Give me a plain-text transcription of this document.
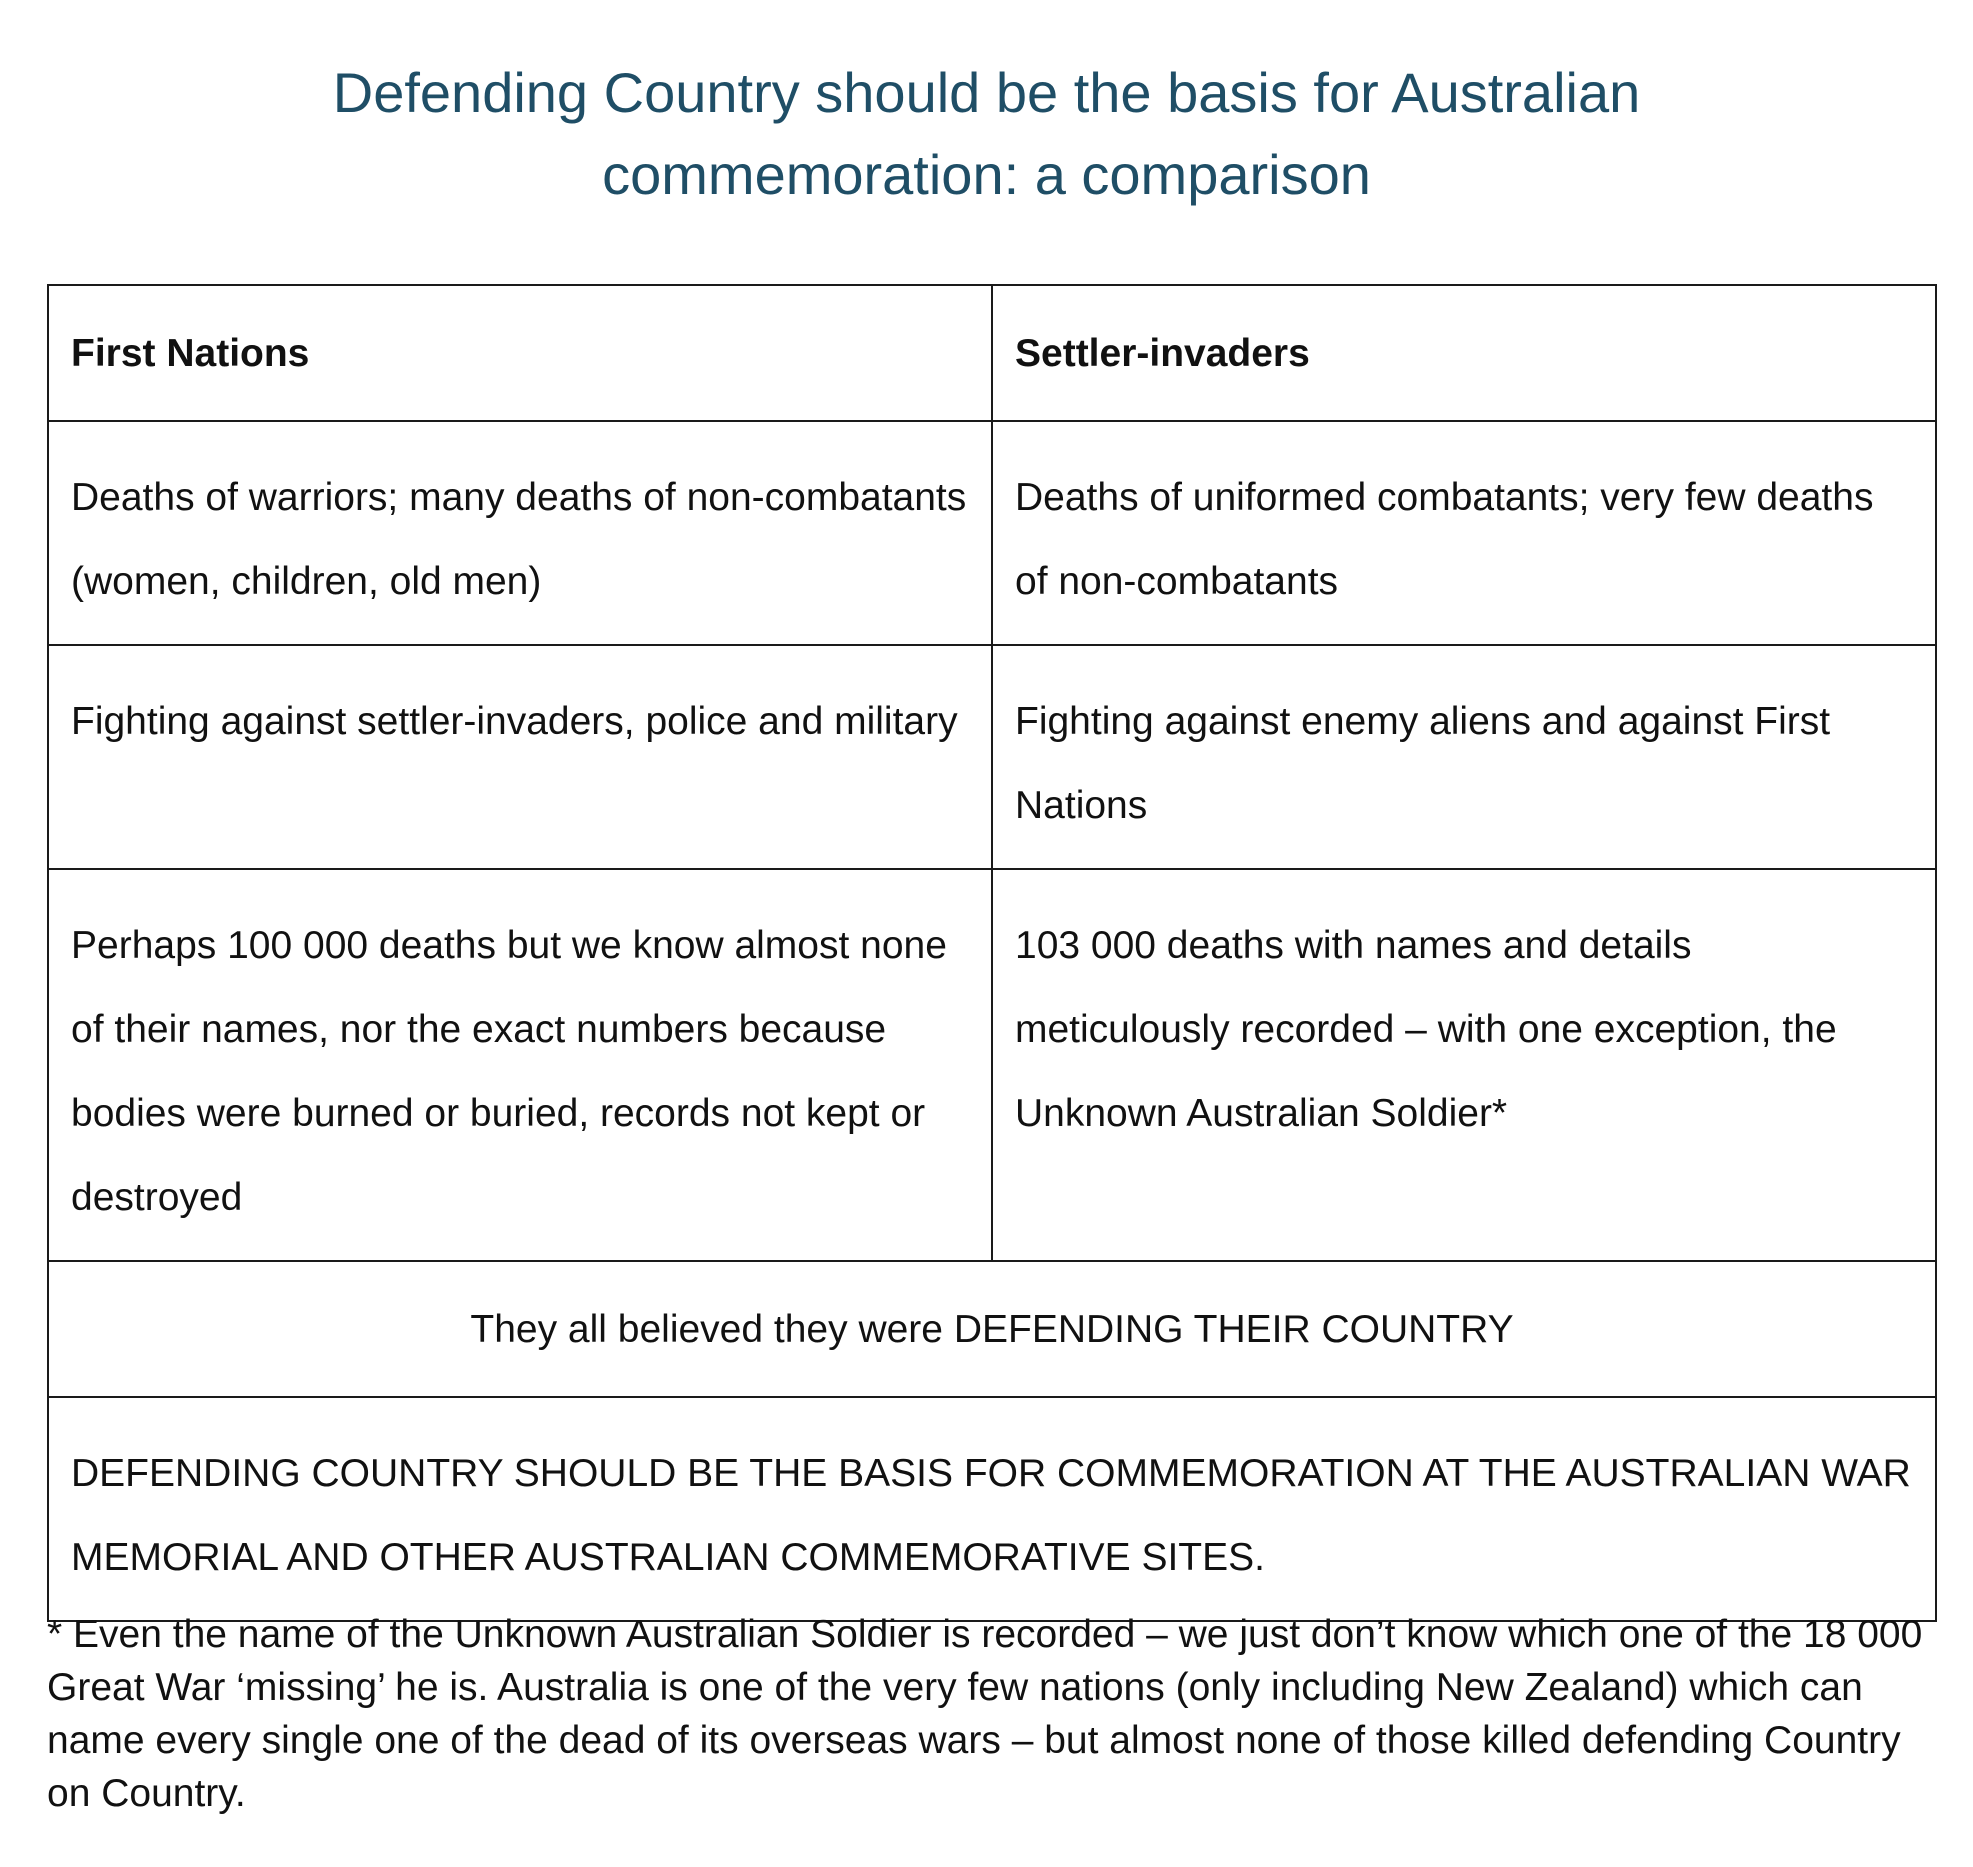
Defending Country should be the basis for Australian
commemoration: a comparison
First Nations	Settler-invaders
Deaths of warriors; many deaths of non-combatants (women, children, old men)	Deaths of uniformed combatants; very few deaths of non-combatants
Fighting against settler-invaders, police and military	Fighting against enemy aliens and against First Nations
Perhaps 100 000 deaths but we know almost none of their names, nor the exact numbers because bodies were burned or buried, records not kept or destroyed	103 000 deaths with names and details meticulously recorded – with one exception, the Unknown Australian Soldier*
They all believed they were DEFENDING THEIR COUNTRY	
DEFENDING COUNTRY SHOULD BE THE BASIS FOR COMMEMORATION AT THE AUSTRALIAN WAR MEMORIAL AND OTHER AUSTRALIAN COMMEMORATIVE SITES.	

* Even the name of the Unknown Australian Soldier is recorded – we just don’t know which one of the 18 000 Great War ‘missing’ he is. Australia is one of the very few nations (only including New Zealand) which can name every single one of the dead of its overseas wars – but almost none of those killed defending Country on Country.
